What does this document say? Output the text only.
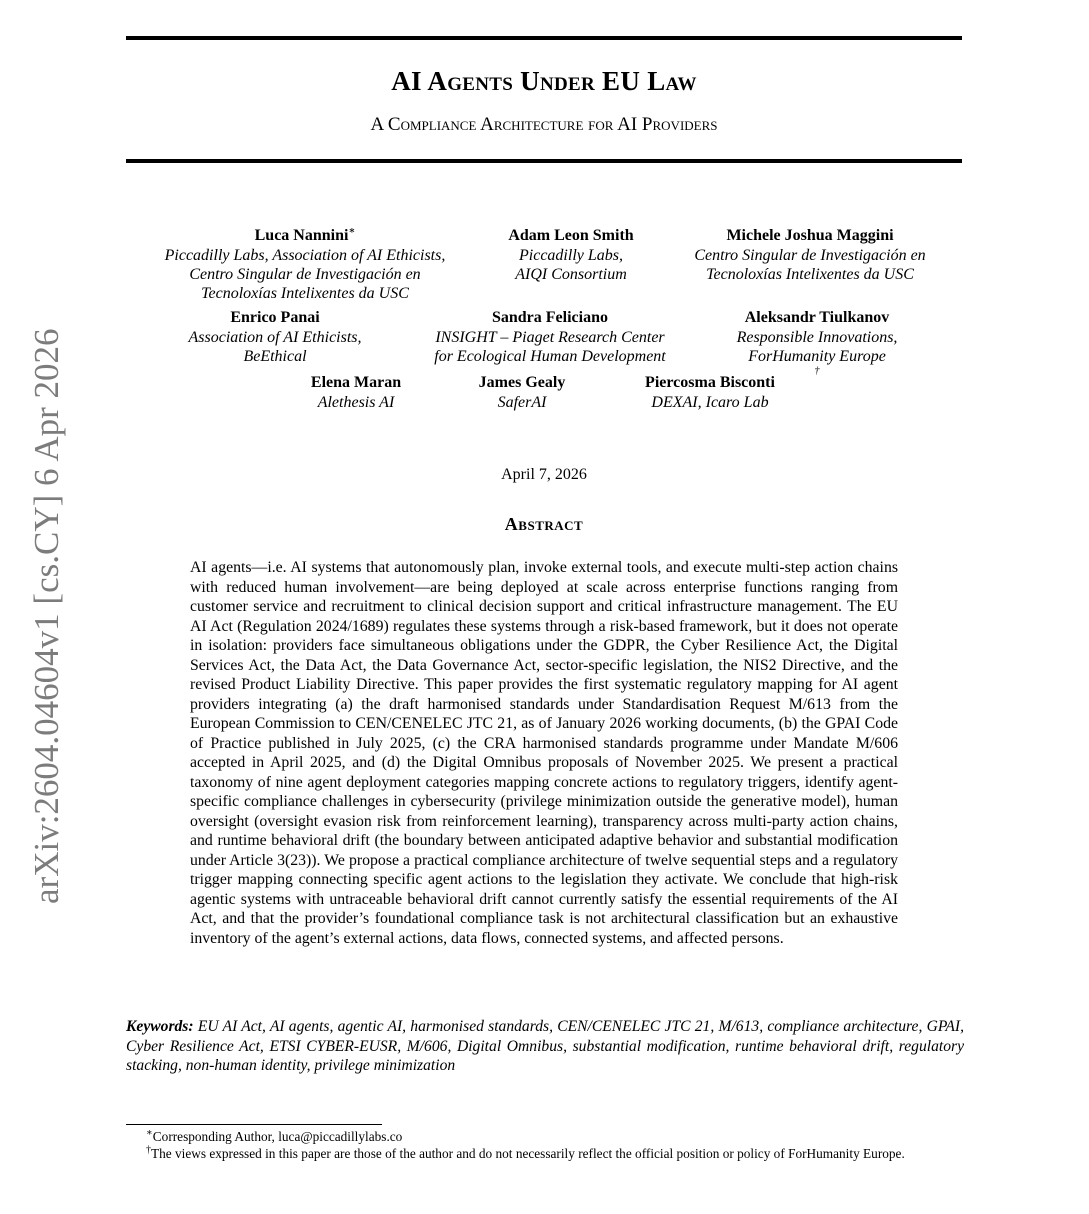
AI Agents Under EU Law
A Compliance Architecture for AI Providers
arXiv:2604.04604v1 [cs.CY] 6 Apr 2026
Luca Nannini∗
Piccadilly Labs, Association of AI Ethicists,
Centro Singular de Investigación en
Tecnoloxías Intelixentes da USC
Adam Leon Smith
Piccadilly Labs,
AIQI Consortium
Michele Joshua Maggini
Centro Singular de Investigación en
Tecnoloxías Intelixentes da USC
Enrico Panai
Association of AI Ethicists,
BeEthical
Sandra Feliciano
INSIGHT – Piaget Research Center
for Ecological Human Development
Aleksandr Tiulkanov
Responsible Innovations,
ForHumanity Europe
†
Elena Maran
Alethesis AI
James Gealy
SaferAI
Piercosma Bisconti
DEXAI, Icaro Lab
April 7, 2026
Abstract
AI agents—i.e. AI systems that autonomously plan, invoke external tools, and execute multi-step action chains with reduced human involvement—are being deployed at scale across enterprise functions ranging from customer service and recruitment to clinical decision support and critical infrastructure management. The EU AI Act (Regulation 2024/1689) regulates these systems through a risk-based framework, but it does not operate in isolation: providers face simultaneous obligations under the GDPR, the Cyber Resilience Act, the Digital Services Act, the Data Act, the Data Governance Act, sector-specific legislation, the NIS2 Directive, and the revised Product Liability Directive. This paper provides the first systematic regulatory mapping for AI agent providers integrating (a) the draft harmonised standards under Standardisation Request M/613 from the European Commission to CEN/CENELEC JTC 21, as of January 2026 working documents, (b) the GPAI Code of Practice published in July 2025, (c) the CRA harmonised standards programme under Mandate M/606 accepted in April 2025, and (d) the Digital Omnibus proposals of November 2025. We present a practical taxonomy of nine agent deployment categories mapping concrete actions to regulatory triggers, identify agent-specific compliance challenges in cybersecurity (privilege minimization outside the generative model), human oversight (oversight evasion risk from reinforcement learning), transparency across multi-party action chains, and runtime behavioral drift (the boundary between anticipated adaptive behavior and substantial modification under Article 3(23)). We propose a practical compliance architecture of twelve sequential steps and a regulatory trigger mapping connecting specific agent actions to the legislation they activate. We conclude that high-risk agentic systems with untraceable behavioral drift cannot currently satisfy the essential requirements of the AI Act, and that the provider’s foundational compliance task is not architectural classification but an exhaustive inventory of the agent’s external actions, data flows, connected systems, and affected persons.
Keywords: EU AI Act, AI agents, agentic AI, harmonised standards, CEN/CENELEC JTC 21, M/613, compliance architecture, GPAI, Cyber Resilience Act, ETSI CYBER-EUSR, M/606, Digital Omnibus, substantial modification, runtime behavioral drift, regulatory stacking, non-human identity, privilege minimization

∗Corresponding Author, luca@piccadillylabs.co

†The views expressed in this paper are those of the author and do not necessarily reflect the official position or policy of ForHumanity Europe.
